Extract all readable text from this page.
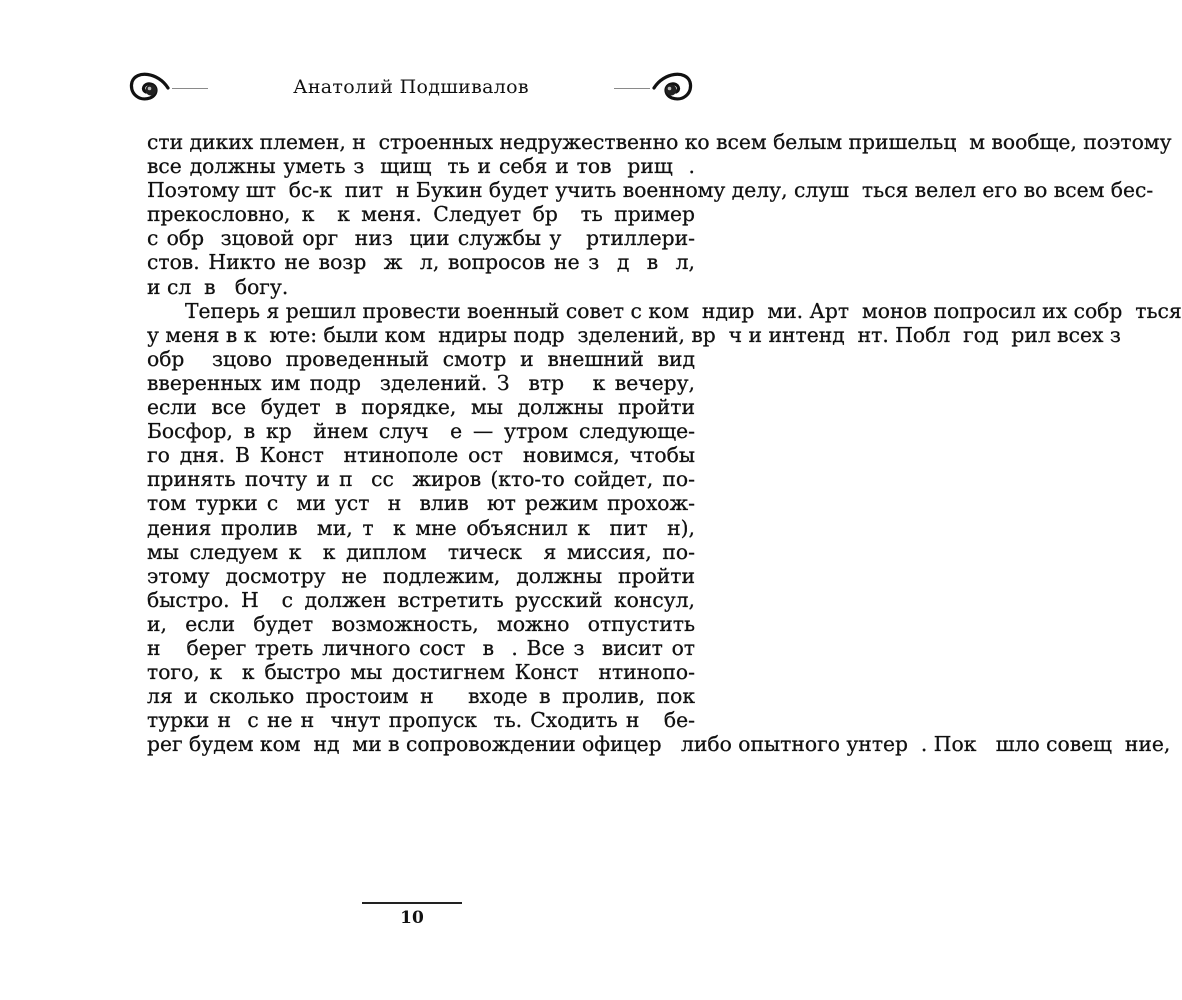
Анатолий Подшивалов
сти диких племен, н  строенных недружественно ко всем белым пришельц  м вообще, поэтому
все должны уметь з  щищ  ть и себя и тов  рищ  .
Поэтому шт  бс-к  пит  н Букин будет учить военному делу, слуш  ться велел его во всем бес-
прекословно, к  к меня. Следует бр  ть пример
с обр  зцовой орг  низ  ции службы у   ртиллери-
стов. Никто не возр  ж  л, вопросов не з  д  в  л,
и сл  в   богу.
Теперь я решил провести военный совет с ком  ндир  ми. Арт  монов попросил их собр  ться
у меня в к  юте: были ком  ндиры подр  зделений, вр  ч и интенд  нт. Побл  год  рил всех з
обр  зцово проведенный смотр и внешний вид
вверенных им подр  зделений. З  втр   к вечеру,
если все будет в порядке, мы должны пройти
Босфор, в кр  йнем случ  е — утром следующе-
го дня. В Конст  нтинополе ост  новимся, чтобы
принять почту и п  сс  жиров (кто-то сойдет, по-
том турки с  ми уст  н  влив  ют режим прохож-
дения пролив  ми, т  к мне объяснил к  пит  н),
мы следуем к  к диплом  тическ  я миссия, по-
этому досмотру не подлежим, должны пройти
быстро. Н  с должен встретить русский консул,
и, если будет возможность, можно отпустить
н   берег треть личного сост  в  . Все з  висит от
того, к  к быстро мы достигнем Конст  нтинопо-
ля и сколько простоим н   входе в пролив, пок
турки н  с не н  чнут пропуск  ть. Сходить н   бе-
рег будем ком  нд  ми в сопровождении офицер   либо опытного унтер  . Пок   шло совещ  ние,
10
